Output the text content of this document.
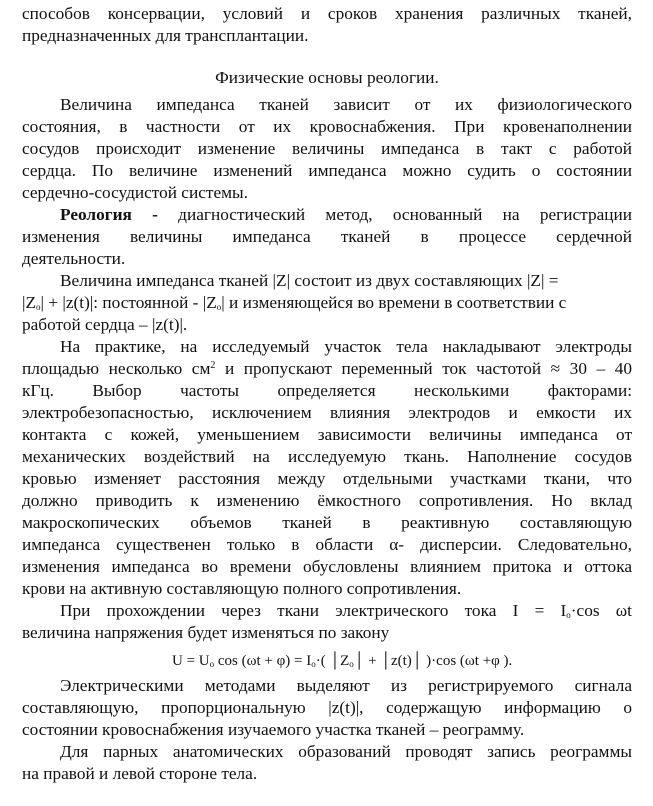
способов консервации, условий и сроков хранения различных тканей,
предназначенных для трансплантации.
Физические основы реологии.
Величина импеданса тканей зависит от их физиологического
состояния, в частности от их кровоснабжения. При кровенаполнении
сосудов происходит изменение величины импеданса в такт с работой
сердца. По величине изменений импеданса можно судить о состоянии
сердечно-сосудистой системы.
Реология - диагностический метод, основанный на регистрации
изменения величины импеданса тканей в процессе сердечной
деятельности.
Величина импеданса тканей |Z| состоит из двух составляющих |Z| =
$|Z_o| + |z(t)|$: постоянной - $|Z_o|$ и изменяющейся во времени в соответствии с
работой сердца – |z(t)|.
На практике, на исследуемый участок тела накладывают электроды
площадью несколько $см^2$ и пропускают переменный ток частотой ≈ 30 – 40
кГц. Выбор частоты определяется несколькими факторами:
электробезопасностью, исключением влияния электродов и емкости их
контакта с кожей, уменьшением зависимости величины импеданса от
механических воздействий на исследуемую ткань. Наполнение сосудов
кровью изменяет расстояния между отдельными участками ткани, что
должно приводить к изменению ёмкостного сопротивления. Но вклад
макроскопических объемов тканей в реактивную составляющую
импеданса существенен только в области α- дисперсии. Следовательно,
изменения импеданса во времени обусловлены влиянием притока и оттока
крови на активную составляющую полного сопротивления.
При прохождении через ткани электрического тока $I = I_o\cdot\cos$ ωt
величина напряжения будет изменяться по закону
$U = U_o$ $\cos (\omega t + \varphi) = I_o\cdot$( $│Z_o│$ + │z(t)│ )·cos (ωt +φ ).
Электрическими методами выделяют из регистрируемого сигнала
составляющую, пропорциональную |z(t)|, содержащую информацию о
состоянии кровоснабжения изучаемого участка тканей – реограмму.
Для парных анатомических образований проводят запись реограммы
на правой и левой стороне тела.
